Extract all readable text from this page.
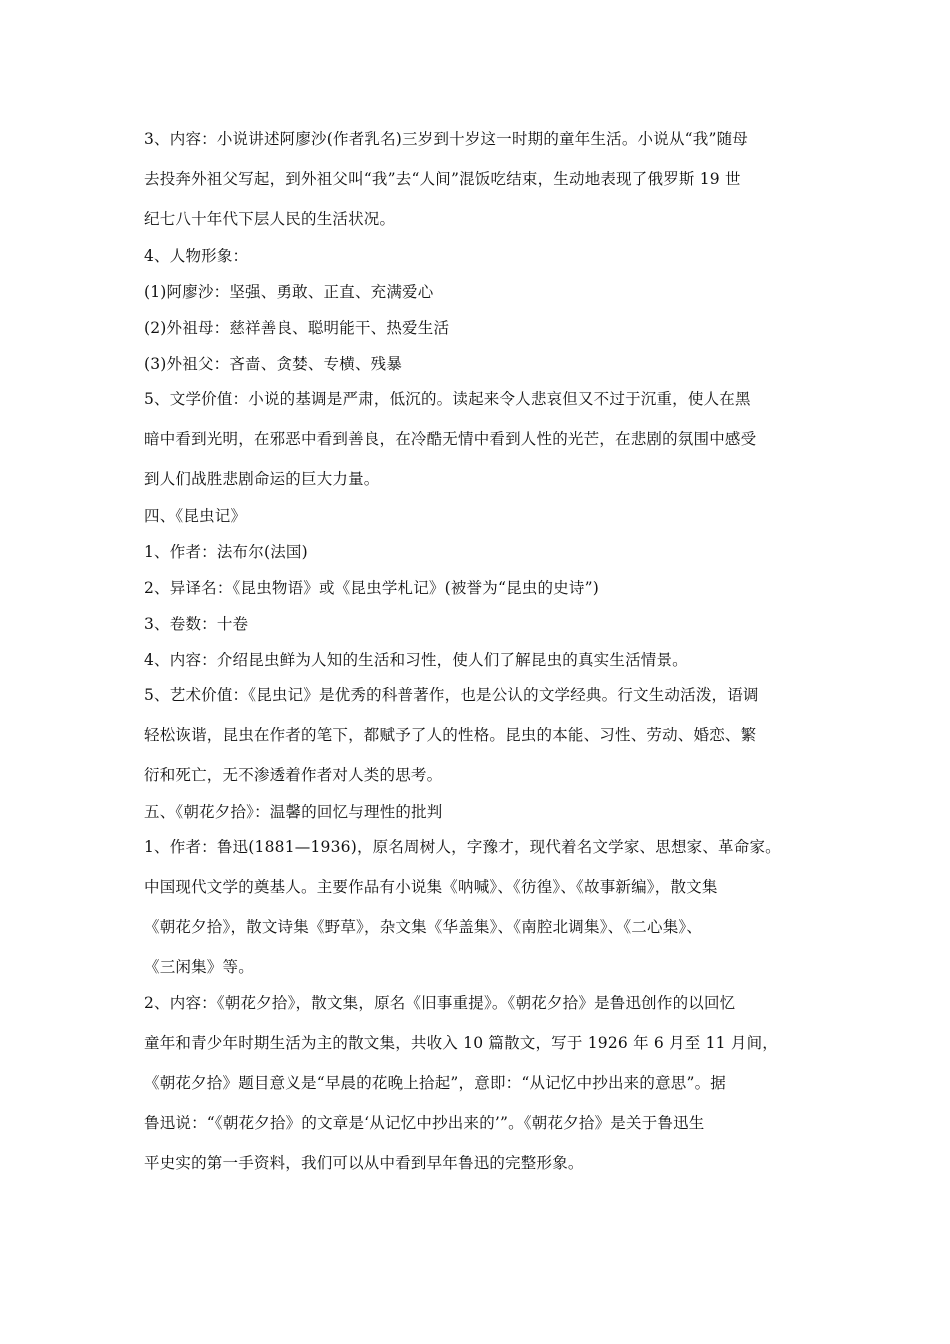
3、内容：小说讲述阿廖沙(作者乳名)三岁到十岁这一时期的童年生活。小说从“我”随母
去投奔外祖父写起，到外祖父叫“我”去“人间”混饭吃结束，生动地表现了俄罗斯 19 世
纪七八十年代下层人民的生活状况。
4、人物形象：
(1)阿廖沙：坚强、勇敢、正直、充满爱心
(2)外祖母：慈祥善良、聪明能干、热爱生活
(3)外祖父：吝啬、贪婪、专横、残暴
5、文学价值：小说的基调是严肃，低沉的。读起来令人悲哀但又不过于沉重，使人在黑
暗中看到光明，在邪恶中看到善良，在冷酷无情中看到人性的光芒，在悲剧的氛围中感受
到人们战胜悲剧命运的巨大力量。
四、《昆虫记》
1、作者：法布尔(法国)
2、异译名：《昆虫物语》或《昆虫学札记》(被誉为“昆虫的史诗”)
3、卷数：十卷
4、内容：介绍昆虫鲜为人知的生活和习性，使人们了解昆虫的真实生活情景。
5、艺术价值：《昆虫记》是优秀的科普著作，也是公认的文学经典。行文生动活泼，语调
轻松诙谐，昆虫在作者的笔下，都赋予了人的性格。昆虫的本能、习性、劳动、婚恋、繁
衍和死亡，无不渗透着作者对人类的思考。
五、《朝花夕拾》：温馨的回忆与理性的批判
1、作者：鲁迅(1881—1936)，原名周树人，字豫才，现代着名文学家、思想家、革命家。
中国现代文学的奠基人。主要作品有小说集《呐喊》、《彷徨》、《故事新编》，散文集
《朝花夕拾》，散文诗集《野草》，杂文集《华盖集》、《南腔北调集》、《二心集》、
《三闲集》等。
2、内容：《朝花夕拾》，散文集，原名《旧事重提》。《朝花夕拾》是鲁迅创作的以回忆
童年和青少年时期生活为主的散文集，共收入 10 篇散文，写于 1926 年 6 月至 11 月间，
《朝花夕拾》题目意义是“早晨的花晚上拾起”，意即：“从记忆中抄出来的意思”。据
鲁迅说：“《朝花夕拾》的文章是‘从记忆中抄出来的’”。《朝花夕拾》是关于鲁迅生
平史实的第一手资料，我们可以从中看到早年鲁迅的完整形象。
